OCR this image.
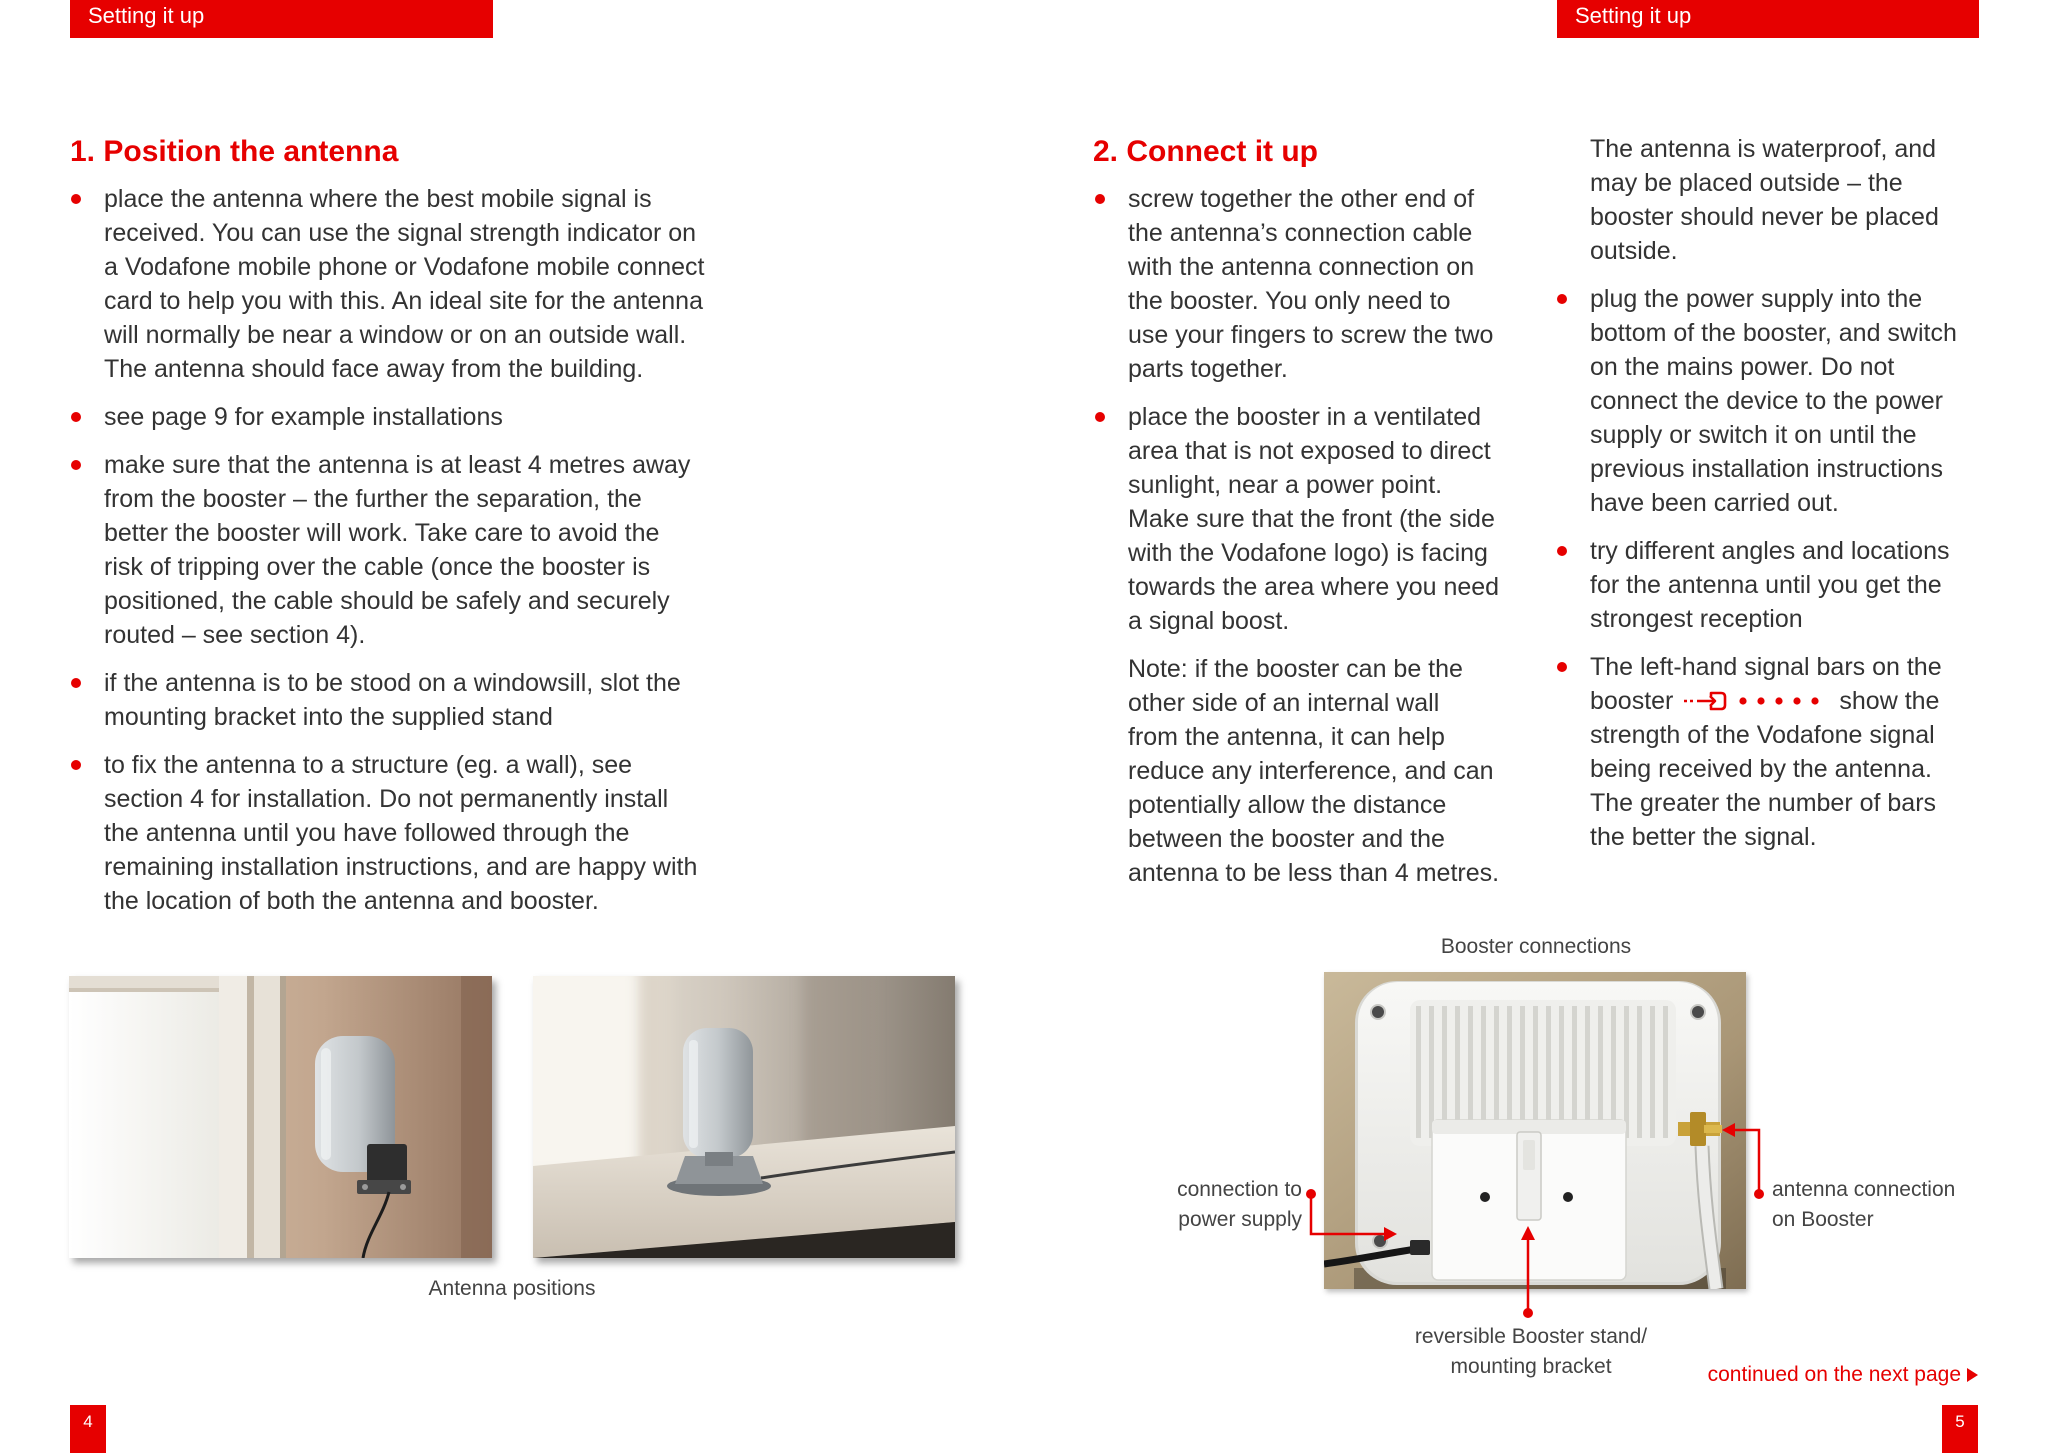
Setting it up
1. Position the antenna
place the antenna where the best mobile signal is
received. You can use the signal strength indicator on
a Vodafone mobile phone or Vodafone mobile connect
card to help you with this. An ideal site for the antenna
will normally be near a window or on an outside wall.
The antenna should face away from the building.
see page 9 for example installations
make sure that the antenna is at least 4 metres away
from the booster – the further the separation, the
better the booster will work. Take care to avoid the
risk of tripping over the cable (once the booster is
positioned, the cable should be safely and securely
routed – see section 4).
if the antenna is to be stood on a windowsill, slot the
mounting bracket into the supplied stand
to fix the antenna to a structure (eg. a wall), see
section 4 for installation. Do not permanently install
the antenna until you have followed through the
remaining installation instructions, and are happy with
the location of both the antenna and booster.
Antenna positions
4
Setting it up
2. Connect it up
screw together the other end of
the antenna’s connection cable
with the antenna connection on
the booster. You only need to
use your fingers to screw the two
parts together.
place the booster in a ventilated
area that is not exposed to direct
sunlight, near a power point.
Make sure that the front (the side
with the Vodafone logo) is facing
towards the area where you need
a signal boost.

Note: if the booster can be the
other side of an internal wall
from the antenna, it can help
reduce any interference, and can
potentially allow the distance
between the booster and the
antenna to be less than 4 metres.

The antenna is waterproof, and
may be placed outside – the
booster should never be placed
outside.

plug the power supply into the
bottom of the booster, and switch
on the mains power. Do not
connect the device to the power
supply or switch it on until the
previous installation instructions
have been carried out.
try different angles and locations
for the antenna until you get the
strongest reception
The left-hand signal bars on the
booster	show the
strength of the Vodafone signal
being received by the antenna.
The greater the number of bars
the better the signal.
Booster connections
connection to
power supply
antenna connection
on Booster
reversible Booster stand/
mounting bracket	continued on the next page
5
